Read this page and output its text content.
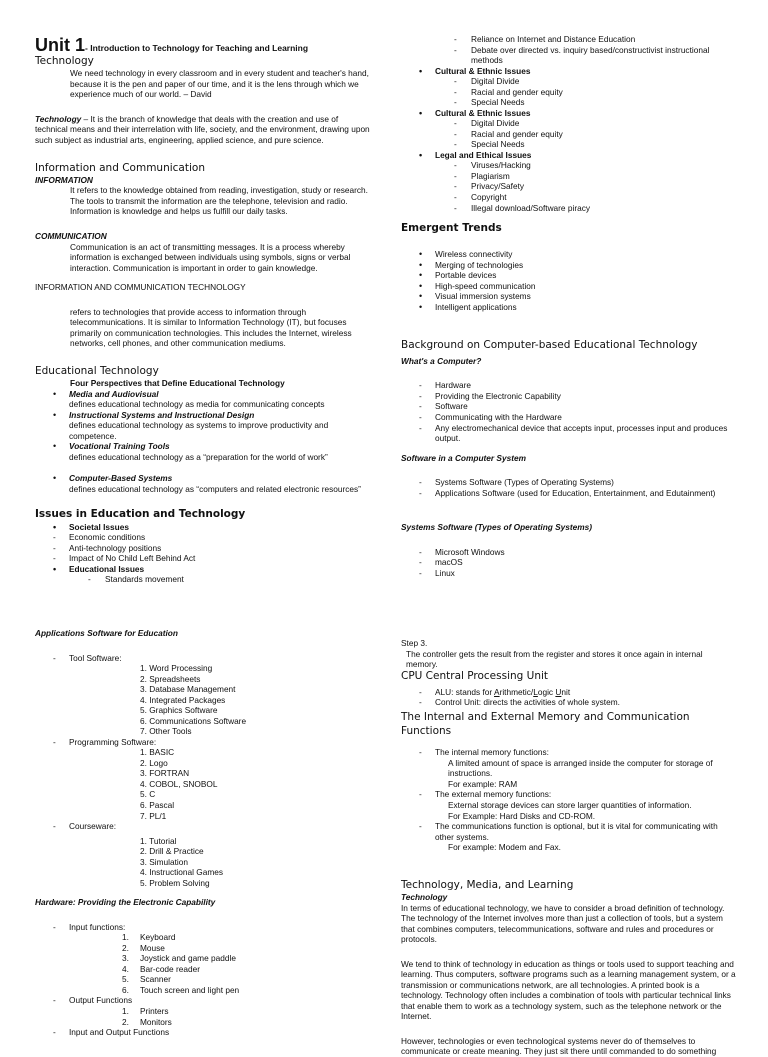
Unit 1- Introduction to Technology for Teaching and Learning
Technology
We need technology in every classroom and in every student and teacher's hand, because it is the pen and paper of our time, and it is the lens through which we experience much of our world. – David
Technology – It is the branch of knowledge that deals with the creation and use of technical means and their interrelation with life, society, and the environment, drawing upon such subject as industrial arts, engineering, applied science, and pure science.
Information and Communication
INFORMATION
It refers to the knowledge obtained from reading, investigation, study or research. The tools to transmit the information are the telephone, television and radio. Information is knowledge and helps us fulfill our daily tasks.
COMMUNICATION
Communication is an act of transmitting messages. It is a process whereby information is exchanged between individuals using symbols, signs or verbal interaction. Communication is important in order to gain knowledge.
INFORMATION AND COMMUNICATION TECHNOLOGY
refers to technologies that provide access to information through telecommunications. It is similar to Information Technology (IT), but focuses primarily on communication technologies. This includes the Internet, wireless networks, cell phones, and other communication mediums.
Educational Technology
Four Perspectives that Define Educational Technology
• Media and Audiovisual
defines educational technology as media for communicating concepts
• Instructional Systems and Instructional Design
defines educational technology as systems to improve productivity and competence.
• Vocational Training Tools
defines educational technology as a “preparation for the world of work”
• Computer-Based Systems
defines educational technology as “computers and related electronic resources”
Issues in Education and Technology
• Societal Issues
- Economic conditions
- Anti-technology positions
- Impact of No Child Left Behind Act
• Educational Issues
- Standards movement
- Reliance on Internet and Distance Education
- Debate over directed vs. inquiry based/constructivist instructional methods
• Cultural & Ethnic Issues
- Digital Divide
- Racial and gender equity
- Special Needs
• Cultural & Ethnic Issues
- Digital Divide
- Racial and gender equity
- Special Needs
• Legal and Ethical Issues
- Viruses/Hacking
- Plagiarism
- Privacy/Safety
- Copyright
- Illegal download/Software piracy
Emergent Trends
• Wireless connectivity
• Merging of technologies
• Portable devices
• High-speed communication
• Visual immersion systems
• Intelligent applications
Background on Computer-based Educational Technology
What's a Computer?
- Hardware
- Providing the Electronic Capability
- Software
- Communicating with the Hardware
- Any electromechanical device that accepts input, processes input and produces output.
Software in a Computer System
- Systems Software (Types of Operating Systems)
- Applications Software (used for Education, Entertainment, and Edutainment)
Systems Software (Types of Operating Systems)
- Microsoft Windows
- macOS
- Linux
Applications Software for Education
- Tool Software:
1. Word Processing
2. Spreadsheets
3. Database Management
4. Integrated Packages
5. Graphics Software
6. Communications Software
7. Other Tools
- Programming Software:
1. BASIC
2. Logo
3. FORTRAN
4. COBOL, SNOBOL
5. C
6. Pascal
7. PL/1
- Courseware:
1. Tutorial
2. Drill & Practice
3. Simulation
4. Instructional Games
5. Problem Solving
Hardware: Providing the Electronic Capability
- Input functions:
1. Keyboard
2. Mouse
3. Joystick and game paddle
4. Bar-code reader
5. Scanner
6. Touch screen and light pen
- Output Functions
1. Printers
2. Monitors
- Input and Output Functions
Step 3.
The controller gets the result from the register and stores it once again in internal memory.
CPU Central Processing Unit
- ALU: stands for Arithmetic/Logic Unit
- Control Unit: directs the activities of whole system.
The Internal and External Memory and Communication Functions
- The internal memory functions:
A limited amount of space is arranged inside the computer for storage of instructions.
For example: RAM
- The external memory functions:
External storage devices can store larger quantities of information.
For Example: Hard Disks and CD-ROM.
- The communications function is optional, but it is vital for communicating with other systems.
For example: Modem and Fax.
Technology, Media, and Learning
Technology
In terms of educational technology, we have to consider a broad definition of technology. The technology of the Internet involves more than just a collection of tools, but a system that combines computers, telecommunications, software and rules and procedures or protocols.
We tend to think of technology in education as things or tools used to support teaching and learning. Thus computers, software programs such as a learning management system, or a transmission or communications network, are all technologies. A printed book is a technology. Technology often includes a combination of tools with particular technical links that enable them to work as a technology system, such as the telephone network or the Internet.
However, technologies or even technological systems never do of themselves to communicate or create meaning. They just sit there until commanded to do something
